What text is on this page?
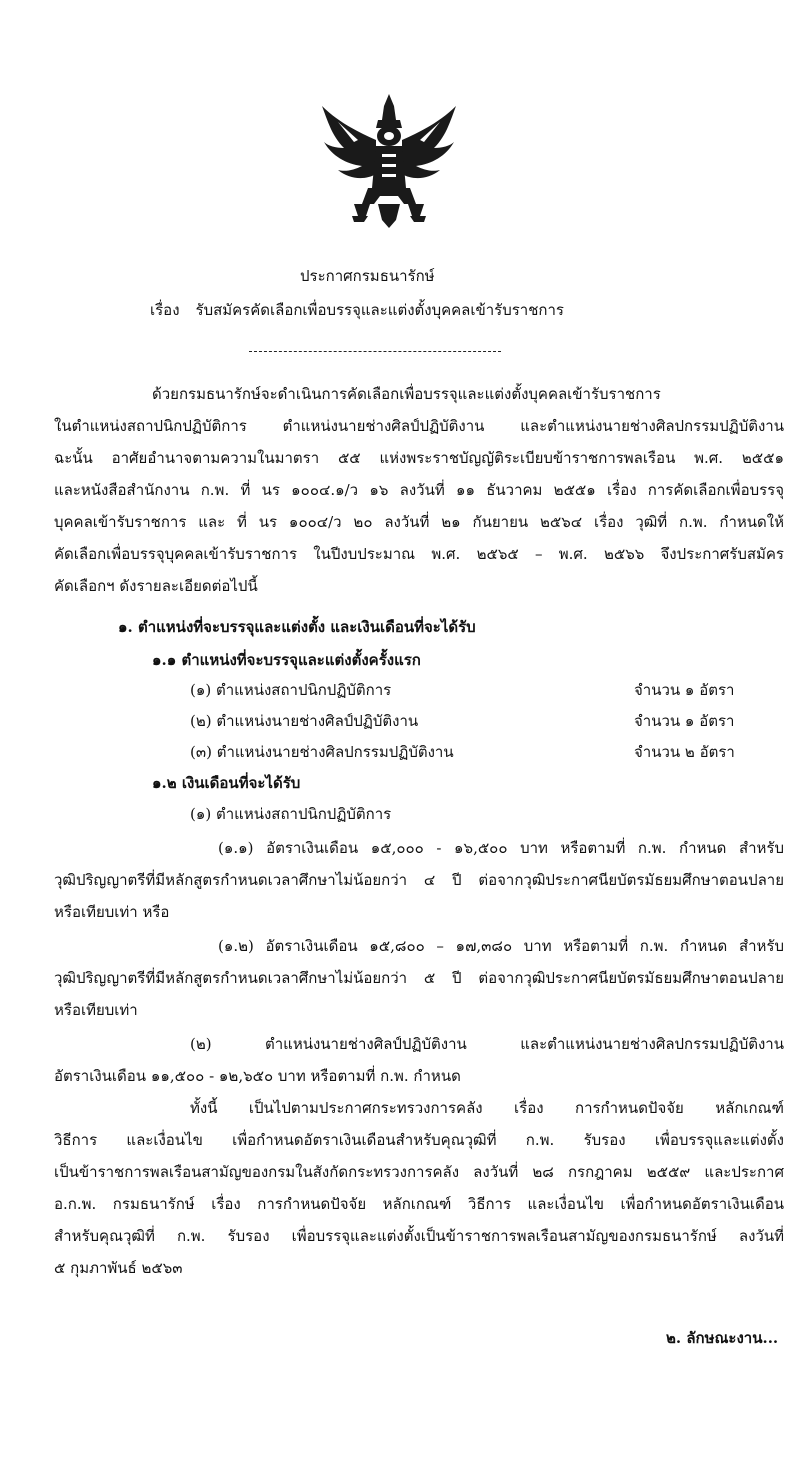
ประกาศกรมธนารักษ์
เรื่อง รับสมัครคัดเลือกเพื่อบรรจุและแต่งตั้งบุคคลเข้ารับราชการ
ด้วยกรมธนารักษ์จะดำเนินการคัดเลือกเพื่อบรรจุและแต่งตั้งบุคคลเข้ารับราชการ
ในตำแหน่งสถาปนิกปฏิบัติการ ตำแหน่งนายช่างศิลป์ปฏิบัติงาน และตำแหน่งนายช่างศิลปกรรมปฏิบัติงาน
ฉะนั้น อาศัยอำนาจตามความในมาตรา ๕๕ แห่งพระราชบัญญัติระเบียบข้าราชการพลเรือน พ.ศ. ๒๕๕๑
และหนังสือสำนักงาน ก.พ. ที่ นร ๑๐๐๔.๑/ว ๑๖ ลงวันที่ ๑๑ ธันวาคม ๒๕๕๑ เรื่อง การคัดเลือกเพื่อบรรจุ
บุคคลเข้ารับราชการ และ ที่ นร ๑๐๐๔/ว ๒๐ ลงวันที่ ๒๑ กันยายน ๒๕๖๔ เรื่อง วุฒิที่ ก.พ. กำหนดให้
คัดเลือกเพื่อบรรจุบุคคลเข้ารับราชการ ในปีงบประมาณ พ.ศ. ๒๕๖๕ – พ.ศ. ๒๕๖๖ จึงประกาศรับสมัคร
คัดเลือกฯ ดังรายละเอียดต่อไปนี้
๑. ตำแหน่งที่จะบรรจุและแต่งตั้ง และเงินเดือนที่จะได้รับ
๑.๑ ตำแหน่งที่จะบรรจุและแต่งตั้งครั้งแรก
(๑) ตำแหน่งสถาปนิกปฏิบัติการ	จำนวน ๑ อัตรา
(๒) ตำแหน่งนายช่างศิลป์ปฏิบัติงาน	จำนวน ๑ อัตรา
(๓) ตำแหน่งนายช่างศิลปกรรมปฏิบัติงาน	จำนวน ๒ อัตรา
๑.๒ เงินเดือนที่จะได้รับ
(๑) ตำแหน่งสถาปนิกปฏิบัติการ
(๑.๑) อัตราเงินเดือน ๑๕,๐๐๐ - ๑๖,๕๐๐ บาท หรือตามที่ ก.พ. กำหนด สำหรับ
วุฒิปริญญาตรีที่มีหลักสูตรกำหนดเวลาศึกษาไม่น้อยกว่า ๔ ปี ต่อจากวุฒิประกาศนียบัตรมัธยมศึกษาตอนปลาย
หรือเทียบเท่า หรือ
(๑.๒) อัตราเงินเดือน ๑๕,๘๐๐ – ๑๗,๓๘๐ บาท หรือตามที่ ก.พ. กำหนด สำหรับ
วุฒิปริญญาตรีที่มีหลักสูตรกำหนดเวลาศึกษาไม่น้อยกว่า ๕ ปี ต่อจากวุฒิประกาศนียบัตรมัธยมศึกษาตอนปลาย
หรือเทียบเท่า
(๒) ตำแหน่งนายช่างศิลป์ปฏิบัติงาน และตำแหน่งนายช่างศิลปกรรมปฏิบัติงาน
อัตราเงินเดือน ๑๑,๕๐๐ - ๑๒,๖๕๐ บาท หรือตามที่ ก.พ. กำหนด
ทั้งนี้ เป็นไปตามประกาศกระทรวงการคลัง เรื่อง การกำหนดปัจจัย หลักเกณฑ์
วิธีการ และเงื่อนไข เพื่อกำหนดอัตราเงินเดือนสำหรับคุณวุฒิที่ ก.พ. รับรอง เพื่อบรรจุและแต่งตั้ง
เป็นข้าราชการพลเรือนสามัญของกรมในสังกัดกระทรวงการคลัง ลงวันที่ ๒๘ กรกฎาคม ๒๕๕๙ และประกาศ
อ.ก.พ. กรมธนารักษ์ เรื่อง การกำหนดปัจจัย หลักเกณฑ์ วิธีการ และเงื่อนไข เพื่อกำหนดอัตราเงินเดือน
สำหรับคุณวุฒิที่ ก.พ. รับรอง เพื่อบรรจุและแต่งตั้งเป็นข้าราชการพลเรือนสามัญของกรมธนารักษ์ ลงวันที่
๕ กุมภาพันธ์ ๒๕๖๓
๒. ลักษณะงาน...
